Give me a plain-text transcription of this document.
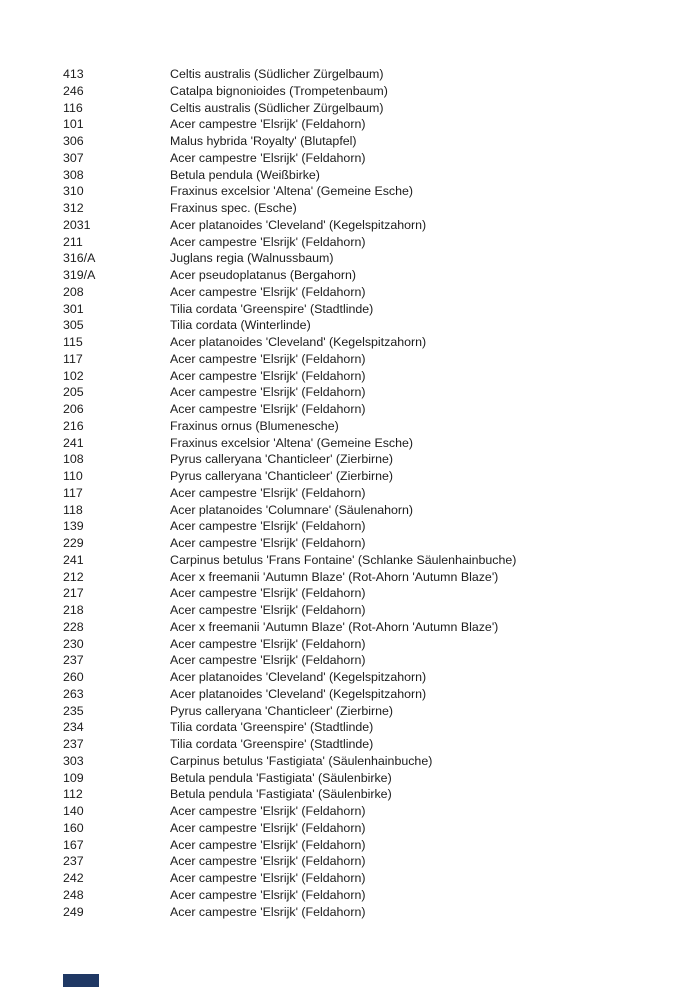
413	Celtis australis (Südlicher Zürgelbaum)
246	Catalpa bignonioides (Trompetenbaum)
116	Celtis australis (Südlicher Zürgelbaum)
101	Acer campestre 'Elsrijk' (Feldahorn)
306	Malus hybrida 'Royalty' (Blutapfel)
307	Acer campestre 'Elsrijk' (Feldahorn)
308	Betula pendula (Weißbirke)
310	Fraxinus excelsior 'Altena' (Gemeine Esche)
312	Fraxinus spec. (Esche)
2031	Acer platanoides 'Cleveland' (Kegelspitzahorn)
211	Acer campestre 'Elsrijk' (Feldahorn)
316/A	Juglans regia (Walnussbaum)
319/A	Acer pseudoplatanus (Bergahorn)
208	Acer campestre 'Elsrijk' (Feldahorn)
301	Tilia cordata 'Greenspire' (Stadtlinde)
305	Tilia cordata (Winterlinde)
115	Acer platanoides 'Cleveland' (Kegelspitzahorn)
117	Acer campestre 'Elsrijk' (Feldahorn)
102	Acer campestre 'Elsrijk' (Feldahorn)
205	Acer campestre 'Elsrijk' (Feldahorn)
206	Acer campestre 'Elsrijk' (Feldahorn)
216	Fraxinus ornus (Blumenesche)
241	Fraxinus excelsior 'Altena' (Gemeine Esche)
108	Pyrus calleryana 'Chanticleer' (Zierbirne)
110	Pyrus calleryana 'Chanticleer' (Zierbirne)
117	Acer campestre 'Elsrijk' (Feldahorn)
118	Acer platanoides 'Columnare' (Säulenahorn)
139	Acer campestre 'Elsrijk' (Feldahorn)
229	Acer campestre 'Elsrijk' (Feldahorn)
241	Carpinus betulus 'Frans Fontaine' (Schlanke Säulenhainbuche)
212	Acer x freemanii 'Autumn Blaze' (Rot-Ahorn 'Autumn Blaze')
217	Acer campestre 'Elsrijk' (Feldahorn)
218	Acer campestre 'Elsrijk' (Feldahorn)
228	Acer x freemanii 'Autumn Blaze' (Rot-Ahorn 'Autumn Blaze')
230	Acer campestre 'Elsrijk' (Feldahorn)
237	Acer campestre 'Elsrijk' (Feldahorn)
260	Acer platanoides 'Cleveland' (Kegelspitzahorn)
263	Acer platanoides 'Cleveland' (Kegelspitzahorn)
235	Pyrus calleryana 'Chanticleer' (Zierbirne)
234	Tilia cordata 'Greenspire' (Stadtlinde)
237	Tilia cordata 'Greenspire' (Stadtlinde)
303	Carpinus betulus 'Fastigiata' (Säulenhainbuche)
109	Betula pendula 'Fastigiata' (Säulenbirke)
112	Betula pendula 'Fastigiata' (Säulenbirke)
140	Acer campestre 'Elsrijk' (Feldahorn)
160	Acer campestre 'Elsrijk' (Feldahorn)
167	Acer campestre 'Elsrijk' (Feldahorn)
237	Acer campestre 'Elsrijk' (Feldahorn)
242	Acer campestre 'Elsrijk' (Feldahorn)
248	Acer campestre 'Elsrijk' (Feldahorn)
249	Acer campestre 'Elsrijk' (Feldahorn)
